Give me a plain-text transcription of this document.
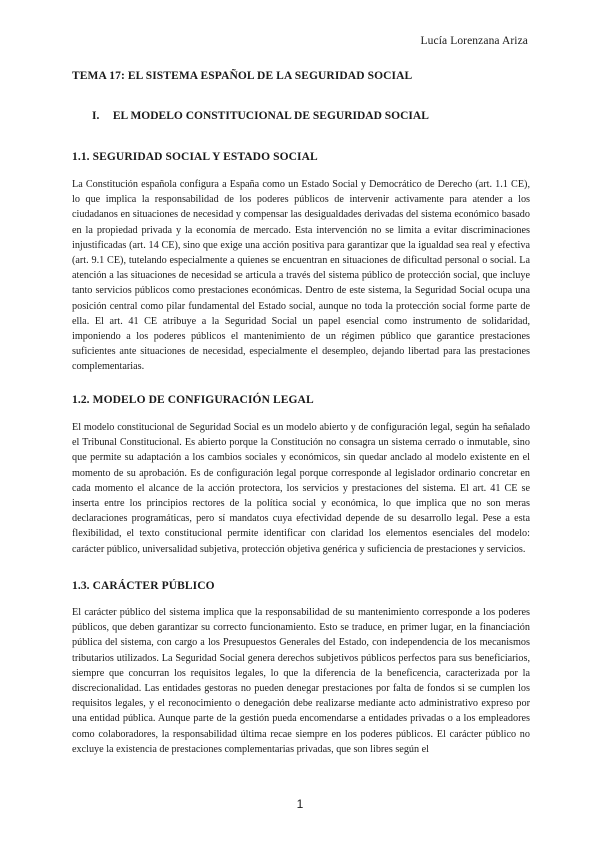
Lucía Lorenzana Ariza
TEMA 17: EL SISTEMA ESPAÑOL DE LA SEGURIDAD SOCIAL
I. EL MODELO CONSTITUCIONAL DE SEGURIDAD SOCIAL
1.1. SEGURIDAD SOCIAL Y ESTADO SOCIAL

La Constitución española configura a España como un Estado Social y Democrático de Derecho (art. 1.1 CE), lo que implica la responsabilidad de los poderes públicos de intervenir activamente para atender a los ciudadanos en situaciones de necesidad y compensar las desigualdades derivadas del sistema económico basado en la propiedad privada y la economía de mercado. Esta intervención no se limita a evitar discriminaciones injustificadas (art. 14 CE), sino que exige una acción positiva para garantizar que la igualdad sea real y efectiva (art. 9.1 CE), tutelando especialmente a quienes se encuentran en situaciones de dificultad personal o social. La atención a las situaciones de necesidad se articula a través del sistema público de protección social, que incluye tanto servicios públicos como prestaciones económicas. Dentro de este sistema, la Seguridad Social ocupa una posición central como pilar fundamental del Estado social, aunque no toda la protección social forme parte de ella. El art. 41 CE atribuye a la Seguridad Social un papel esencial como instrumento de solidaridad, imponiendo a los poderes públicos el mantenimiento de un régimen público que garantice prestaciones suficientes ante situaciones de necesidad, especialmente el desempleo, dejando libertad para las prestaciones complementarias.

1.2. MODELO DE CONFIGURACIÓN LEGAL

El modelo constitucional de Seguridad Social es un modelo abierto y de configuración legal, según ha señalado el Tribunal Constitucional. Es abierto porque la Constitución no consagra un sistema cerrado o inmutable, sino que permite su adaptación a los cambios sociales y económicos, sin quedar anclado al modelo existente en el momento de su aprobación. Es de configuración legal porque corresponde al legislador ordinario concretar en cada momento el alcance de la acción protectora, los servicios y prestaciones del sistema. El art. 41 CE se inserta entre los principios rectores de la política social y económica, lo que implica que no son meras declaraciones programáticas, pero sí mandatos cuya efectividad depende de su desarrollo legal. Pese a esta flexibilidad, el texto constitucional permite identificar con claridad los elementos esenciales del modelo: carácter público, universalidad subjetiva, protección objetiva genérica y suficiencia de prestaciones y servicios.

1.3. CARÁCTER PÚBLICO

El carácter público del sistema implica que la responsabilidad de su mantenimiento corresponde a los poderes públicos, que deben garantizar su correcto funcionamiento. Esto se traduce, en primer lugar, en la financiación pública del sistema, con cargo a los Presupuestos Generales del Estado, con independencia de los mecanismos tributarios utilizados. La Seguridad Social genera derechos subjetivos públicos perfectos para sus beneficiarios, siempre que concurran los requisitos legales, lo que la diferencia de la beneficencia, caracterizada por la discrecionalidad. Las entidades gestoras no pueden denegar prestaciones por falta de fondos si se cumplen los requisitos legales, y el reconocimiento o denegación debe realizarse mediante acto administrativo expreso por una entidad pública. Aunque parte de la gestión pueda encomendarse a entidades privadas o a los empleadores como colaboradores, la responsabilidad última recae siempre en los poderes públicos. El carácter público no excluye la existencia de prestaciones complementarias privadas, que son libres según el

1
